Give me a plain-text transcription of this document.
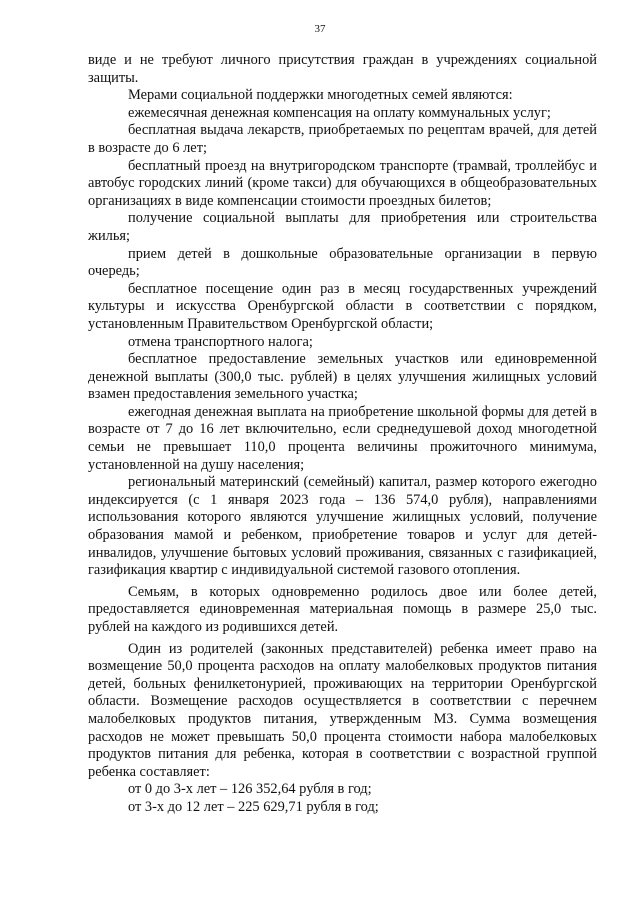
37

виде и не требуют личного присутствия граждан в учреждениях социальной защиты.

Мерами социальной поддержки многодетных семей являются:

ежемесячная денежная компенсация на оплату коммунальных услуг;

бесплатная выдача лекарств, приобретаемых по рецептам врачей, для детей в возрасте до 6 лет;

бесплатный проезд на внутригородском транспорте (трамвай, троллейбус и автобус городских линий (кроме такси) для обучающихся в общеобразовательных организациях в виде компенсации стоимости проездных билетов;

получение социальной выплаты для приобретения или строительства жилья;

прием детей в дошкольные образовательные организации в первую очередь;

бесплатное посещение один раз в месяц государственных учреждений культуры и искусства Оренбургской области в соответствии с порядком, установленным Правительством Оренбургской области;

отмена транспортного налога;

бесплатное предоставление земельных участков или единовременной денежной выплаты (300,0 тыс. рублей) в целях улучшения жилищных условий взамен предоставления земельного участка;

ежегодная денежная выплата на приобретение школьной формы для детей в возрасте от 7 до 16 лет включительно, если среднедушевой доход многодетной семьи не превышает 110,0 процента величины прожиточного минимума, установленной на душу населения;

региональный материнский (семейный) капитал, размер которого ежегодно индексируется (с 1 января 2023 года – 136 574,0 рубля), направлениями использования которого являются улучшение жилищных условий, получение образования мамой и ребенком, приобретение товаров и услуг для детей-инвалидов, улучшение бытовых условий проживания, связанных с газификацией, газификация квартир с индивидуальной системой газового отопления.

Семьям, в которых одновременно родилось двое или более детей, предоставляется единовременная материальная помощь в размере 25,0 тыс. рублей на каждого из родившихся детей.

Один из родителей (законных представителей) ребенка имеет право на возмещение 50,0 процента расходов на оплату малобелковых продуктов питания детей, больных фенилкетонурией, проживающих на территории Оренбургской области. Возмещение расходов осуществляется в соответствии с перечнем малобелковых продуктов питания, утвержденным МЗ. Сумма возмещения расходов не может превышать 50,0 процента стоимости набора малобелковых продуктов питания для ребенка, которая в соответствии с возрастной группой ребенка составляет:

от 0 до 3-х лет – 126 352,64 рубля в год;

от 3-х до 12 лет – 225 629,71 рубля в год;
